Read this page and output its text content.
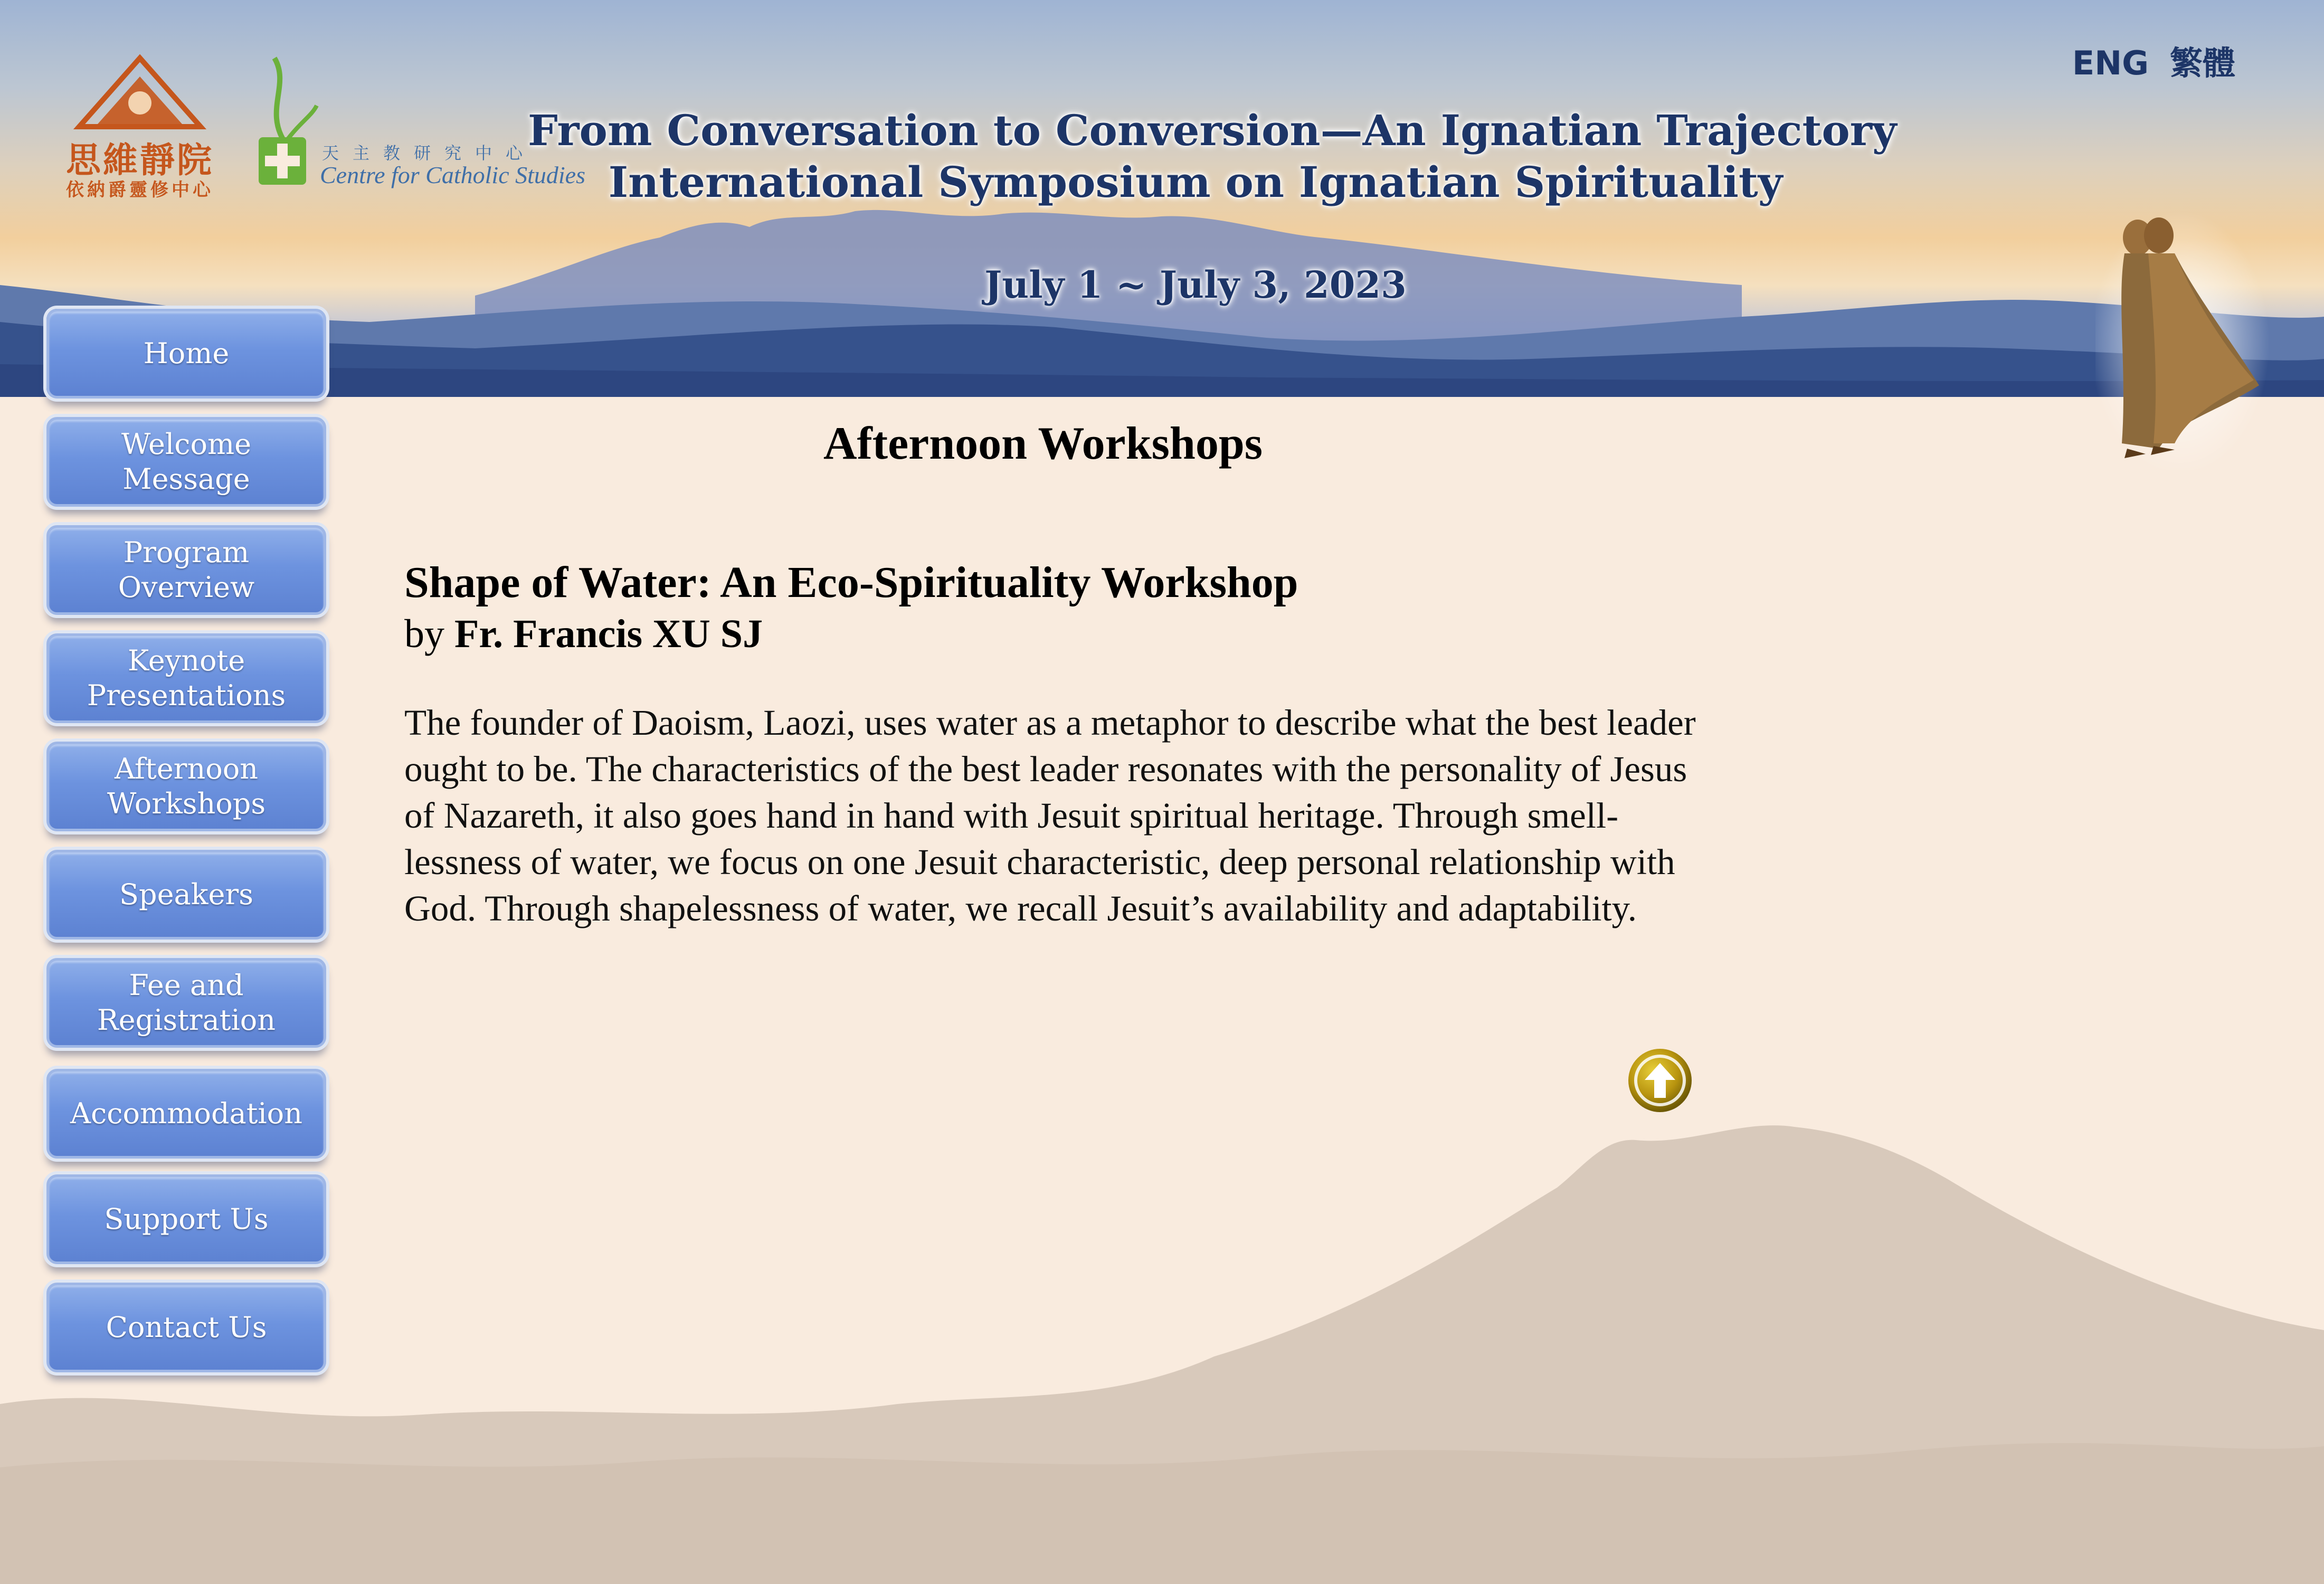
思維靜院
依納爵靈修中心
天主教研究中心
Centre for Catholic Studies
ENG 繁體
From Conversation to Conversion—An Ignatian Trajectory
International Symposium on Ignatian Spirituality
July 1 ~ July 3, 2023
Home
Welcome Message
Program Overview
Keynote Presentations
Afternoon Workshops
Speakers
Fee and Registration
Accommodation
Support Us
Contact Us
Afternoon Workshops
Shape of Water: An Eco-Spirituality Workshop
by Fr. Francis XU SJ
The founder of Daoism, Laozi, uses water as a metaphor to describe what the best leader ought to be. The characteristics of the best leader resonates with the personality of Jesus of Nazareth, it also goes hand in hand with Jesuit spiritual heritage. Through smell-lessness of water, we focus on one Jesuit characteristic, deep personal relationship with God. Through shapelessness of water, we recall Jesuit’s availability and adaptability.
